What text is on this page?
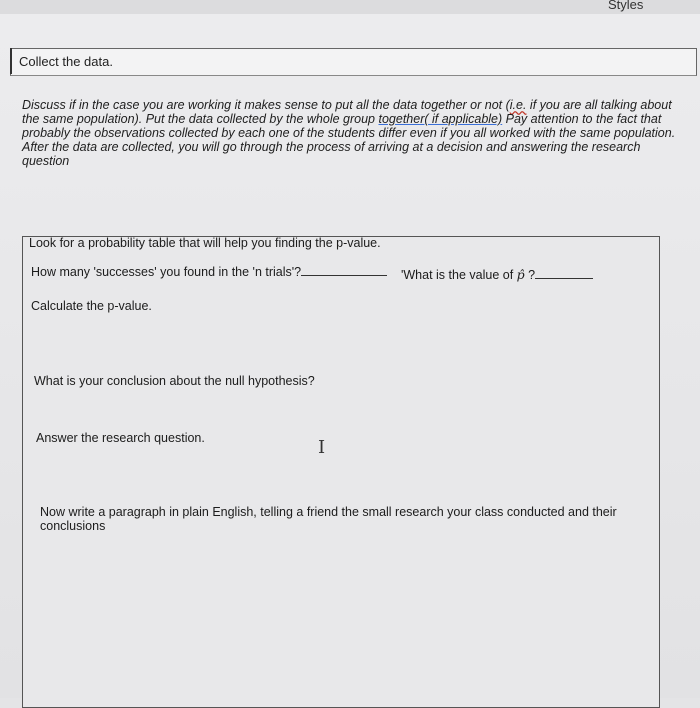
Styles
Collect the data.

Discuss if in the case you are working it makes sense to put all the data together or not (i.e. if you are all talking about the same population). Put the data collected by the whole group together( if applicable) Pay attention to the fact that probably the observations collected by each one of the students differ even if you all worked with the same population.

After the data are collected, you will go through the process of arriving at a decision and answering the research question

Look for a probability table that will help you finding the p-value.
How many 'successes' you found in the 'n trials'?	'What is the value of p̂ ?
Calculate the p-value.
What is your conclusion about the null hypothesis?
Answer the research question.
Now write a paragraph in plain English, telling a friend the small research your class conducted and their conclusions
I
